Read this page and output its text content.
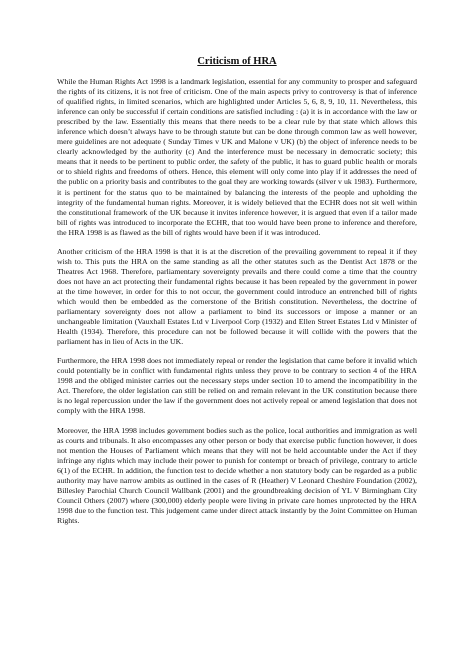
Criticism of HRA

While the Human Rights Act 1998 is a landmark legislation, essential for any community to prosper and safeguard the rights of its citizens, it is not free of criticism. One of the main aspects privy to controversy is that of inference of qualified rights, in limited scenarios, which are highlighted under Articles 5, 6, 8, 9, 10, 11. Nevertheless, this inference can only be successful if certain conditions are satisfied including : (a) it is in accordance with the law or prescribed by the law. Essentially this means that there needs to be a clear rule by that state which allows this inference which doesn’t always have to be through statute but can be done through common law as well however, mere guidelines are not adequate ( Sunday Times v UK and Malone v UK) (b) the object of inference needs to be clearly acknowledged by the authority (c) And the interference must be necessary in democratic society; this means that it needs to be pertinent to public order, the safety of the public, it has to guard public health or morals or to shield rights and freedoms of others. Hence, this element will only come into play if it addresses the need of the public on a priority basis and contributes to the goal they are working towards (silver v uk 1983). Furthermore, it is pertinent for the status quo to be maintained by balancing the interests of the people and upholding the integrity of the fundamental human rights. Moreover, it is widely believed that the ECHR does not sit well within the constitutional framework of the UK because it invites inference however, it is argued that even if a tailor made bill of rights was introduced to incorporate the ECHR, that too would have been prone to inference and therefore, the HRA 1998 is as flawed as the bill of rights would have been if it was introduced.

Another criticism of the HRA 1998 is that it is at the discretion of the prevailing government to repeal it if they wish to. This puts the HRA on the same standing as all the other statutes such as the Dentist Act 1878 or the Theatres Act 1968. Therefore, parliamentary sovereignty prevails and there could come a time that the country does not have an act protecting their fundamental rights because it has been repealed by the government in power at the time however, in order for this to not occur, the government could introduce an entrenched bill of rights which would then be embedded as the cornerstone of the British constitution. Nevertheless, the doctrine of parliamentary sovereignty does not allow a parliament to bind its successors or impose a manner or an unchangeable limitation (Vauxhall Estates Ltd v Liverpool Corp (1932) and Ellen Street Estates Ltd v Minister of Health (1934). Therefore, this procedure can not be followed because it will collide with the powers that the parliament has in lieu of Acts in the UK.

Furthermore, the HRA 1998 does not immediately repeal or render the legislation that came before it invalid which could potentially be in conflict with fundamental rights unless they prove to be contrary to section 4 of the HRA 1998 and the obliged minister carries out the necessary steps under section 10 to amend the incompatibility in the Act. Therefore, the older legislation can still be relied on and remain relevant in the UK constitution because there is no legal repercussion under the law if the government does not actively repeal or amend legislation that does not comply with the HRA 1998.

Moreover, the HRA 1998 includes government bodies such as the police, local authorities and immigration as well as courts and tribunals. It also encompasses any other person or body that exercise public function however, it does not mention the Houses of Parliament which means that they will not be held accountable under the Act if they infringe any rights which may include their power to punish for contempt or breach of privilege, contrary to article 6(1) of the ECHR. In addition, the function test to decide whether a non statutory body can be regarded as a public authority may have narrow ambits as outlined in the cases of R (Heather) V Leonard Cheshire Foundation (2002), Billesley Parochial Church Council Wallbank (2001) and the groundbreaking decision of YL V Birmingham City Council Others (2007) where (300,000) elderly people were living in private care homes unprotected by the HRA 1998 due to the function test. This judgement came under direct attack instantly by the Joint Committee on Human Rights.
